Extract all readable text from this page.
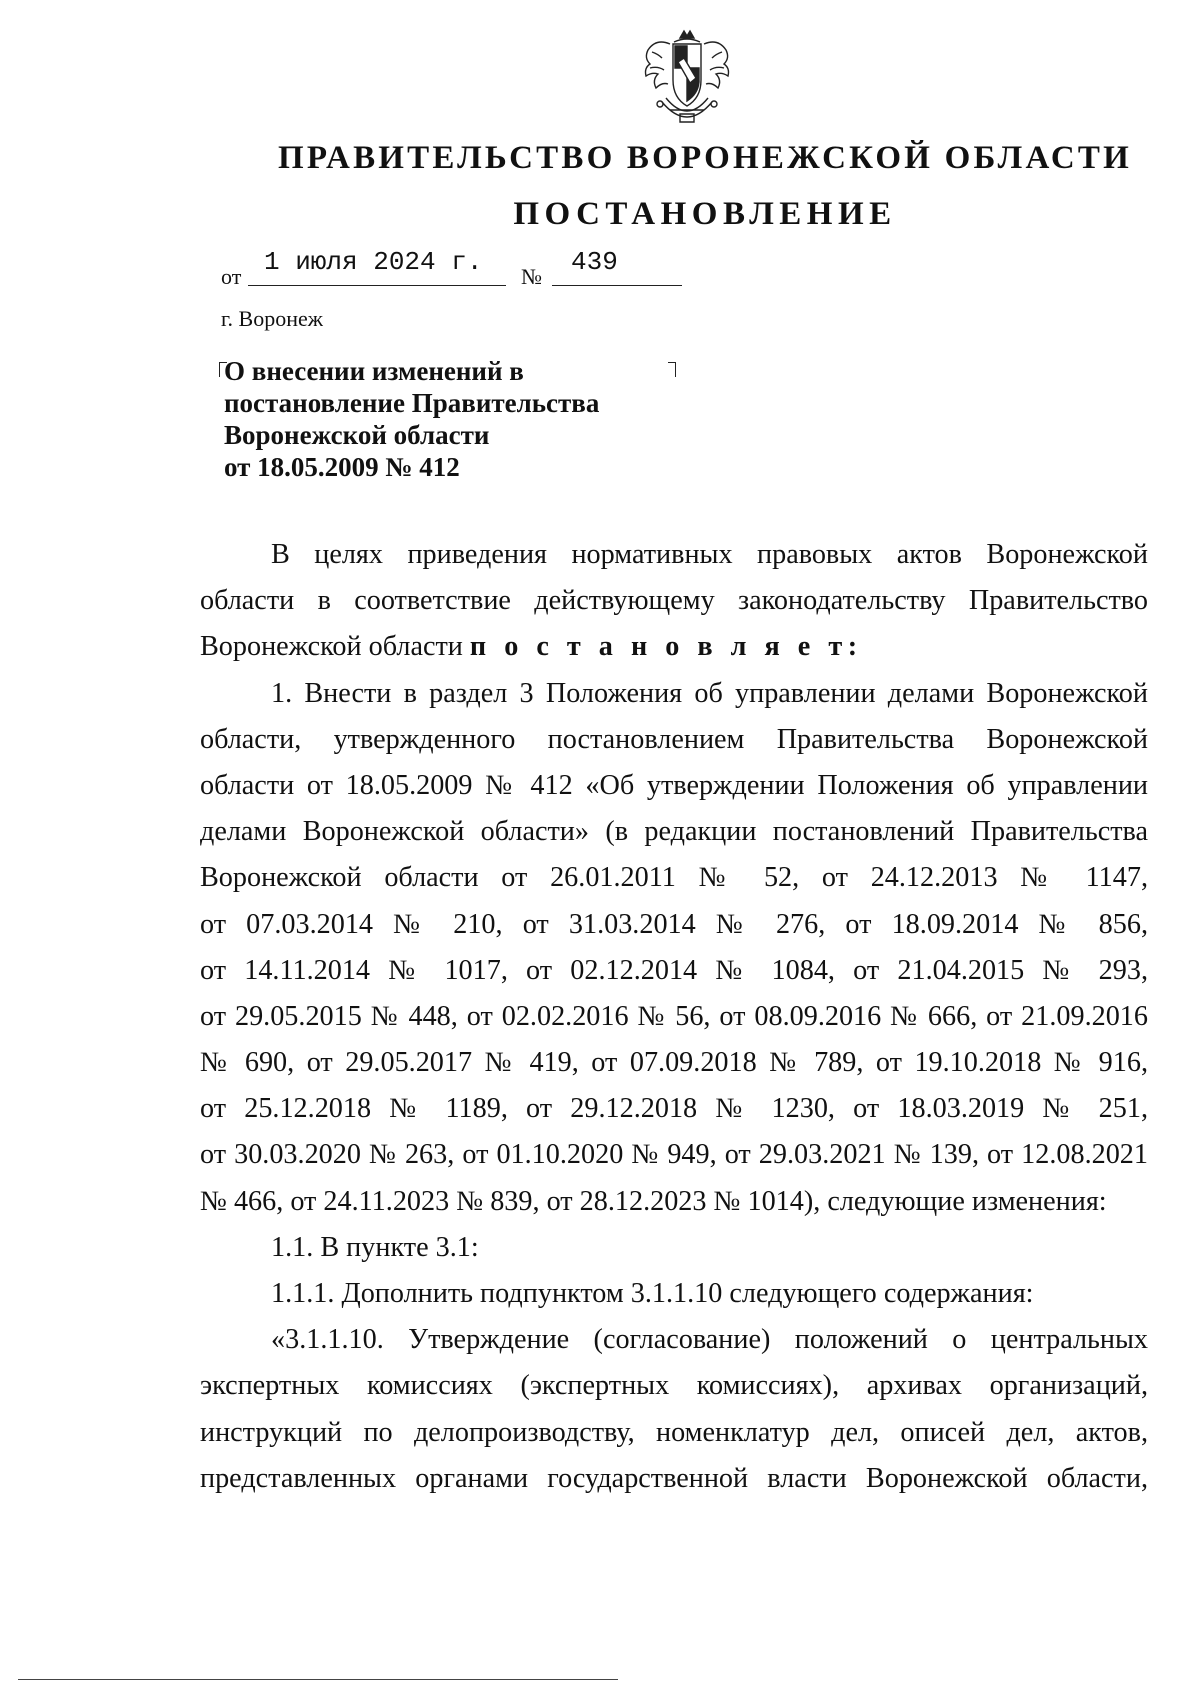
ПРАВИТЕЛЬСТВО ВОРОНЕЖСКОЙ ОБЛАСТИ
ПОСТАНОВЛЕНИЕ
от 1 июля 2024 г. № 439
г. Воронеж
О внесении изменений в
постановление Правительства
Воронежской области
от 18.05.2009 № 412
В целях приведения нормативных правовых актов Воронежской
области в соответствие действующему законодательству Правительство
Воронежской области п о с т а н о в л я е т:
1. Внести в раздел 3 Положения об управлении делами Воронежской
области, утвержденного постановлением Правительства Воронежской
области от 18.05.2009 № 412 «Об утверждении Положения об управлении
делами Воронежской области» (в редакции постановлений Правительства
Воронежской области от 26.01.2011 № 52, от 24.12.2013 № 1147,
от 07.03.2014 № 210, от 31.03.2014 № 276, от 18.09.2014 № 856,
от 14.11.2014 № 1017, от 02.12.2014 № 1084, от 21.04.2015 № 293,
от 29.05.2015 № 448, от 02.02.2016 № 56, от 08.09.2016 № 666, от 21.09.2016
№ 690, от 29.05.2017 № 419, от 07.09.2018 № 789, от 19.10.2018 № 916,
от 25.12.2018 № 1189, от 29.12.2018 № 1230, от 18.03.2019 № 251,
от 30.03.2020 № 263, от 01.10.2020 № 949, от 29.03.2021 № 139, от 12.08.2021
№ 466, от 24.11.2023 № 839, от 28.12.2023 № 1014), следующие изменения:
1.1. В пункте 3.1:
1.1.1. Дополнить подпунктом 3.1.1.10 следующего содержания:
«3.1.1.10. Утверждение (согласование) положений о центральных
экспертных комиссиях (экспертных комиссиях), архивах организаций,
инструкций по делопроизводству, номенклатур дел, описей дел, актов,
представленных органами государственной власти Воронежской области,
